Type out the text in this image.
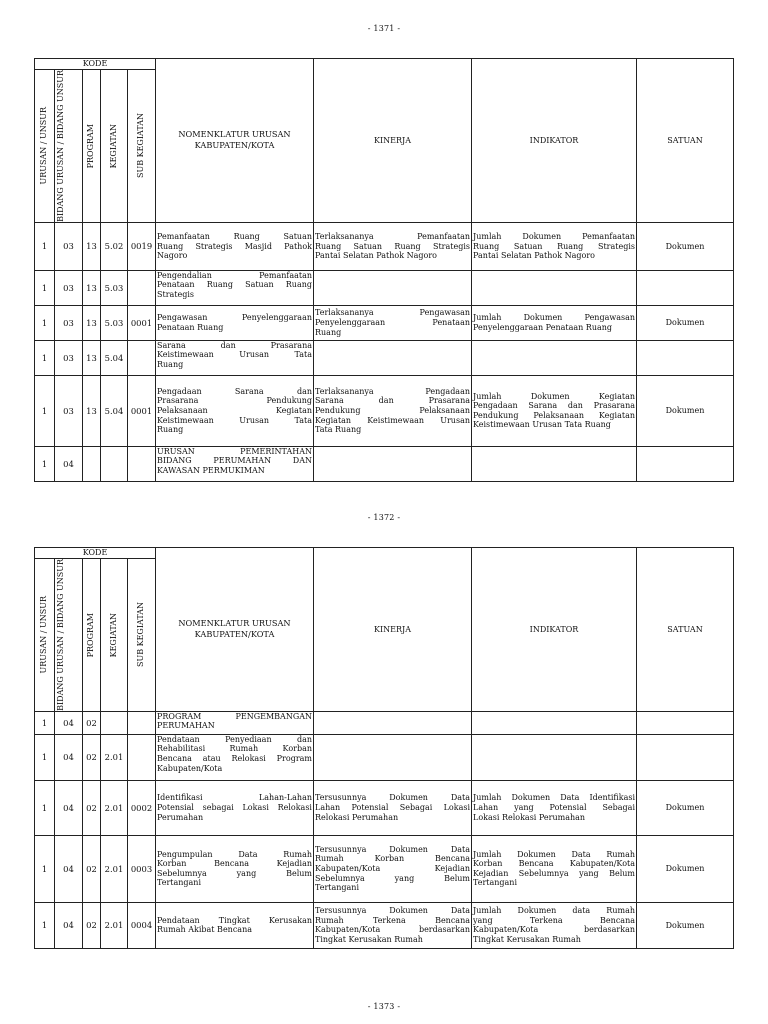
- 1371 -
KODE					NOMENKLATUR URUSAN KABUPATEN/KOTA	KINERJA	INDIKATOR	SATUAN

URUSAN / UNSUR	BIDANG URUSAN / BIDANG UNSUR	PROGRAM	KEGIATAN	SUB KEGIATAN				

1	03	13	5.02	0019	Pemanfaatan Ruang Satuan
Ruang Strategis Masjid Pathok
Nagoro	Terlaksananya Pemanfaatan
Ruang Satuan Ruang Strategis
Pantai Selatan Pathok Nagoro	Jumlah Dokumen Pemanfaatan
Ruang Satuan Ruang Strategis
Pantai Selatan Pathok Nagoro	Dokumen
1	03	13	5.03		Pengendalian Pemanfaatan
Penataan Ruang Satuan Ruang
Strategis			

1	03	13	5.03	0001	Pengawasan Penyelenggaraan
Penataan Ruang	Terlaksananya Pengawasan
Penyelenggaraan Penataan
Ruang	Jumlah Dokumen Pengawasan
Penyelenggaraan Penataan Ruang	Dokumen
1	03	13	5.04		Sarana dan Prasarana
Keistimewaan Urusan Tata
Ruang			

1	03	13	5.04	0001	Pengadaan Sarana dan
Prasarana Pendukung
Pelaksanaan Kegiatan
Keistimewaan Urusan Tata
Ruang	Terlaksananya Pengadaan
Sarana dan Prasarana
Pendukung Pelaksanaan
Kegiatan Keistimewaan Urusan
Tata Ruang	Jumlah Dokumen Kegiatan
Pengadaan Sarana dan Prasarana
Pendukung Pelaksanaan Kegiatan
Keistimewaan Urusan Tata Ruang	Dokumen
1	04				URUSAN PEMERINTAHAN
BIDANG PERUMAHAN DAN
KAWASAN PERMUKIMAN			

- 1372 -
KODE					NOMENKLATUR URUSAN KABUPATEN/KOTA	KINERJA	INDIKATOR	SATUAN

URUSAN / UNSUR	BIDANG URUSAN / BIDANG UNSUR	PROGRAM	KEGIATAN	SUB KEGIATAN				

1	04	02			PROGRAM PENGEMBANGAN
PERUMAHAN			

1	04	02	2.01		Pendataan Penyediaan dan
Rehabilitasi Rumah Korban
Bencana atau Relokasi Program
Kabupaten/Kota			

1	04	02	2.01	0002	Identifikasi Lahan-Lahan
Potensial sebagai Lokasi Relokasi
Perumahan	Tersusunnya Dokumen Data
Lahan Potensial Sebagai Lokasi
Relokasi Perumahan	Jumlah Dokumen Data Identifikasi
Lahan yang Potensial Sebagai
Lokasi Relokasi Perumahan	Dokumen
1	04	02	2.01	0003	Pengumpulan Data Rumah
Korban Bencana Kejadian
Sebelumnya yang Belum
Tertangani	Tersusunnya Dokumen Data
Rumah Korban Bencana
Kabupaten/Kota Kejadian
Sebelumnya yang Belum
Tertangani	Jumlah Dokumen Data Rumah
Korban Bencana Kabupaten/Kota
Kejadian Sebelumnya yang Belum
Tertangani	Dokumen
1	04	02	2.01	0004	Pendataan Tingkat Kerusakan
Rumah Akibat Bencana	Tersusunnya Dokumen Data
Rumah Terkena Bencana
Kabupaten/Kota berdasarkan
Tingkat Kerusakan Rumah	Jumlah Dokumen data Rumah
yang Terkena Bencana
Kabupaten/Kota berdasarkan
Tingkat Kerusakan Rumah	Dokumen
- 1373 -
